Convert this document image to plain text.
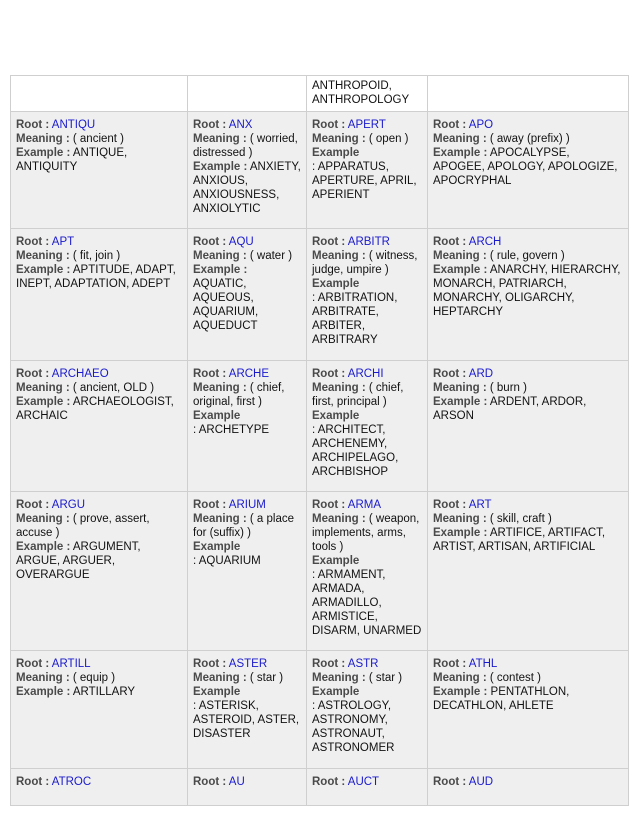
		ANTHROPOID, ANTHROPOLOGY	

Root : ANTIQU
Meaning : ( ancient )
Example : ANTIQUE, ANTIQUITY	Root : ANX
Meaning : ( worried, distressed )
Example : ANXIETY, ANXIOUS, ANXIOUSNESS, ANXIOLYTIC	Root : APERT
Meaning : ( open )
Example
: APPARATUS, APERTURE, APRIL, APERIENT	Root : APO
Meaning : ( away (prefix) )
Example : APOCALYPSE, APOGEE, APOLOGY, APOLOGIZE, APOCRYPHAL

Root : APT
Meaning : ( fit, join )
Example : APTITUDE, ADAPT, INEPT, ADAPTATION, ADEPT	Root : AQU
Meaning : ( water )
Example : AQUATIC, AQUEOUS, AQUARIUM, AQUEDUCT	Root : ARBITR
Meaning : ( witness, judge, umpire )
Example
: ARBITRATION, ARBITRATE, ARBITER, ARBITRARY	Root : ARCH
Meaning : ( rule, govern )
Example : ANARCHY, HIERARCHY, MONARCH, PATRIARCH, MONARCHY, OLIGARCHY, HEPTARCHY

Root : ARCHAEO
Meaning : ( ancient, OLD )
Example : ARCHAEOLOGIST, ARCHAIC	Root : ARCHE
Meaning : ( chief, original, first )
Example
: ARCHETYPE	Root : ARCHI
Meaning : ( chief, first, principal )
Example
: ARCHITECT, ARCHENEMY, ARCHIPELAGO, ARCHBISHOP	Root : ARD
Meaning : ( burn )
Example : ARDENT, ARDOR, ARSON

Root : ARGU
Meaning : ( prove, assert, accuse )
Example : ARGUMENT, ARGUE, ARGUER, OVERARGUE	Root : ARIUM
Meaning : ( a place for (suffix) )
Example
: AQUARIUM	Root : ARMA
Meaning : ( weapon, implements, arms, tools )
Example
: ARMAMENT, ARMADA, ARMADILLO, ARMISTICE, DISARM, UNARMED	Root : ART
Meaning : ( skill, craft )
Example : ARTIFICE, ARTIFACT, ARTIST, ARTISAN, ARTIFICIAL

Root : ARTILL
Meaning : ( equip )
Example : ARTILLARY	Root : ASTER
Meaning : ( star )
Example
: ASTERISK, ASTEROID, ASTER, DISASTER	Root : ASTR
Meaning : ( star )
Example
: ASTROLOGY, ASTRONOMY, ASTRONAUT, ASTRONOMER	Root : ATHL
Meaning : ( contest )
Example : PENTATHLON, DECATHLON, AHLETE

Root : ATROC	Root : AU	Root : AUCT	Root : AUD
